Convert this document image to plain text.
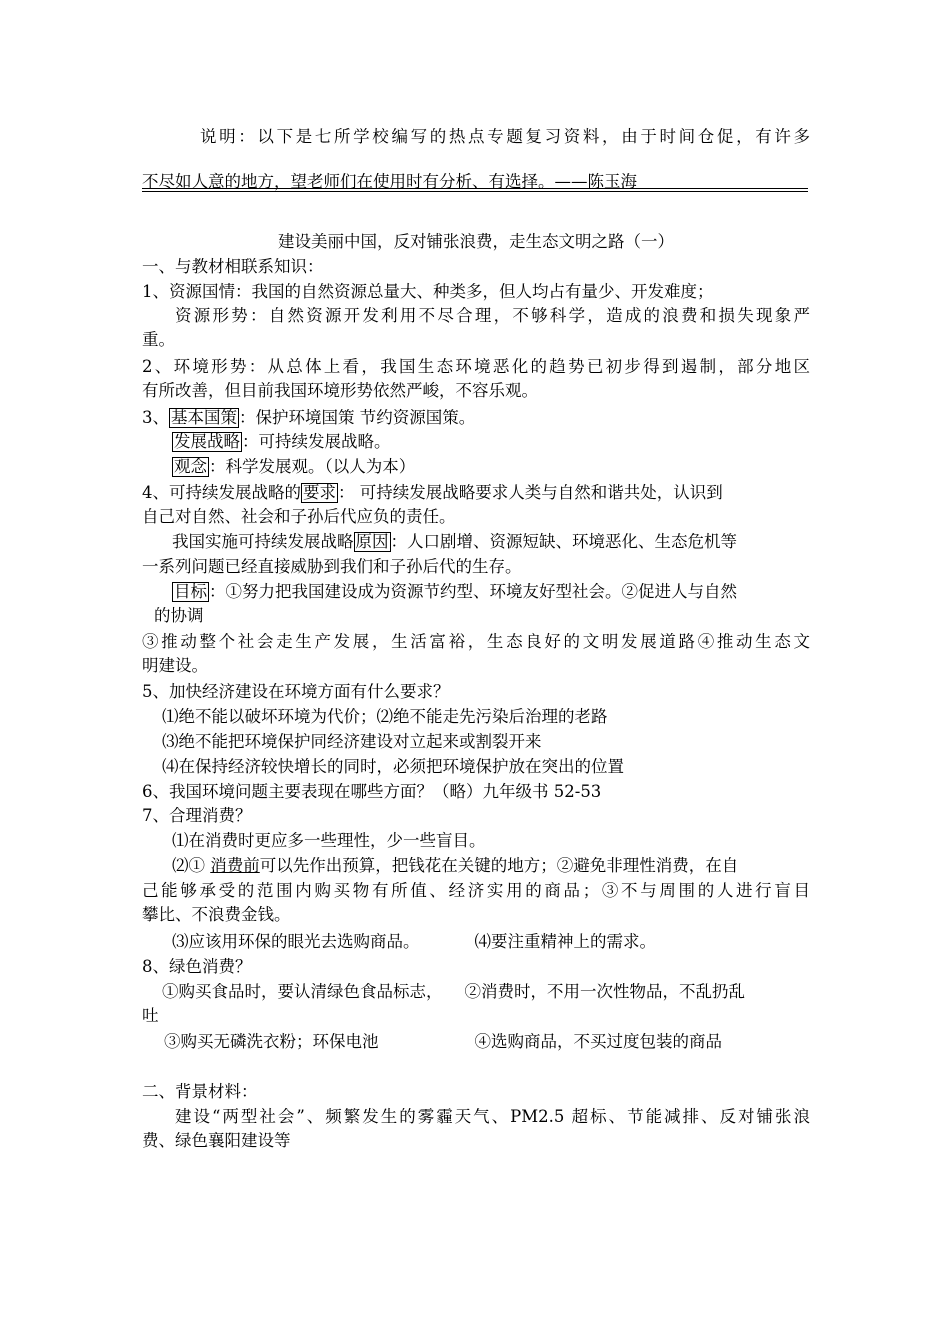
说明：以下是七所学校编写的热点专题复习资料，由于时间仓促，有许多
不尽如人意的地方，望老师们在使用时有分析、有选择。——陈玉海
建设美丽中国，反对铺张浪费，走生态文明之路（一）
一、与教材相联系知识：
1、资源国情：我国的自然资源总量大、种类多，但人均占有量少、开发难度；
资源形势：自然资源开发利用不尽合理，不够科学，造成的浪费和损失现象严
重。
2、环境形势：从总体上看，我国生态环境恶化的趋势已初步得到遏制，部分地区
有所改善，但目前我国环境形势依然严峻，不容乐观。
3、 基本国策 ：保护环境国策 节约资源国策。
发展战略 ：可持续发展战略。
观念 ：科学发展观。（以人为本）
4、可持续发展战略的 要求 ： 可持续发展战略要求人类与自然和谐共处，认识到
自己对自然、社会和子孙后代应负的责任。
我国实施可持续发展战略 原因 ：人口剧增、资源短缺、环境恶化、生态危机等
一系列问题已经直接威胁到我们和子孙后代的生存。
目标 ：①努力把我国建设成为资源节约型、环境友好型社会。②促进人与自然
的协调
③推动整个社会走生产发展，生活富裕，生态良好的文明发展道路④推动生态文
明建设。
5、加快经济建设在环境方面有什么要求？
⑴绝不能以破坏环境为代价；⑵绝不能走先污染后治理的老路
⑶绝不能把环境保护同经济建设对立起来或割裂开来
⑷在保持经济较快增长的同时，必须把环境保护放在突出的位置
6、我国环境问题主要表现在哪些方面？（略）九年级书 52-53
7、合理消费？
⑴在消费时更应多一些理性，少一些盲目。
⑵① 消费前可以先作出预算，把钱花在关键的地方；②避免非理性消费，在自
己能够承受的范围内购买物有所值、经济实用的商品；③不与周围的人进行盲目
攀比、不浪费金钱。
⑶应该用环保的眼光去选购商品。	⑷要注重精神上的需求。
8、绿色消费？
①购买食品时，要认清绿色食品标志， ②消费时，不用一次性物品，不乱扔乱
吐
③购买无磷洗衣粉；环保电池	④选购商品，不买过度包装的商品
二、背景材料：
建设“两型社会”、频繁发生的雾霾天气、PM2.5 超标、节能减排、反对铺张浪
费、绿色襄阳建设等
